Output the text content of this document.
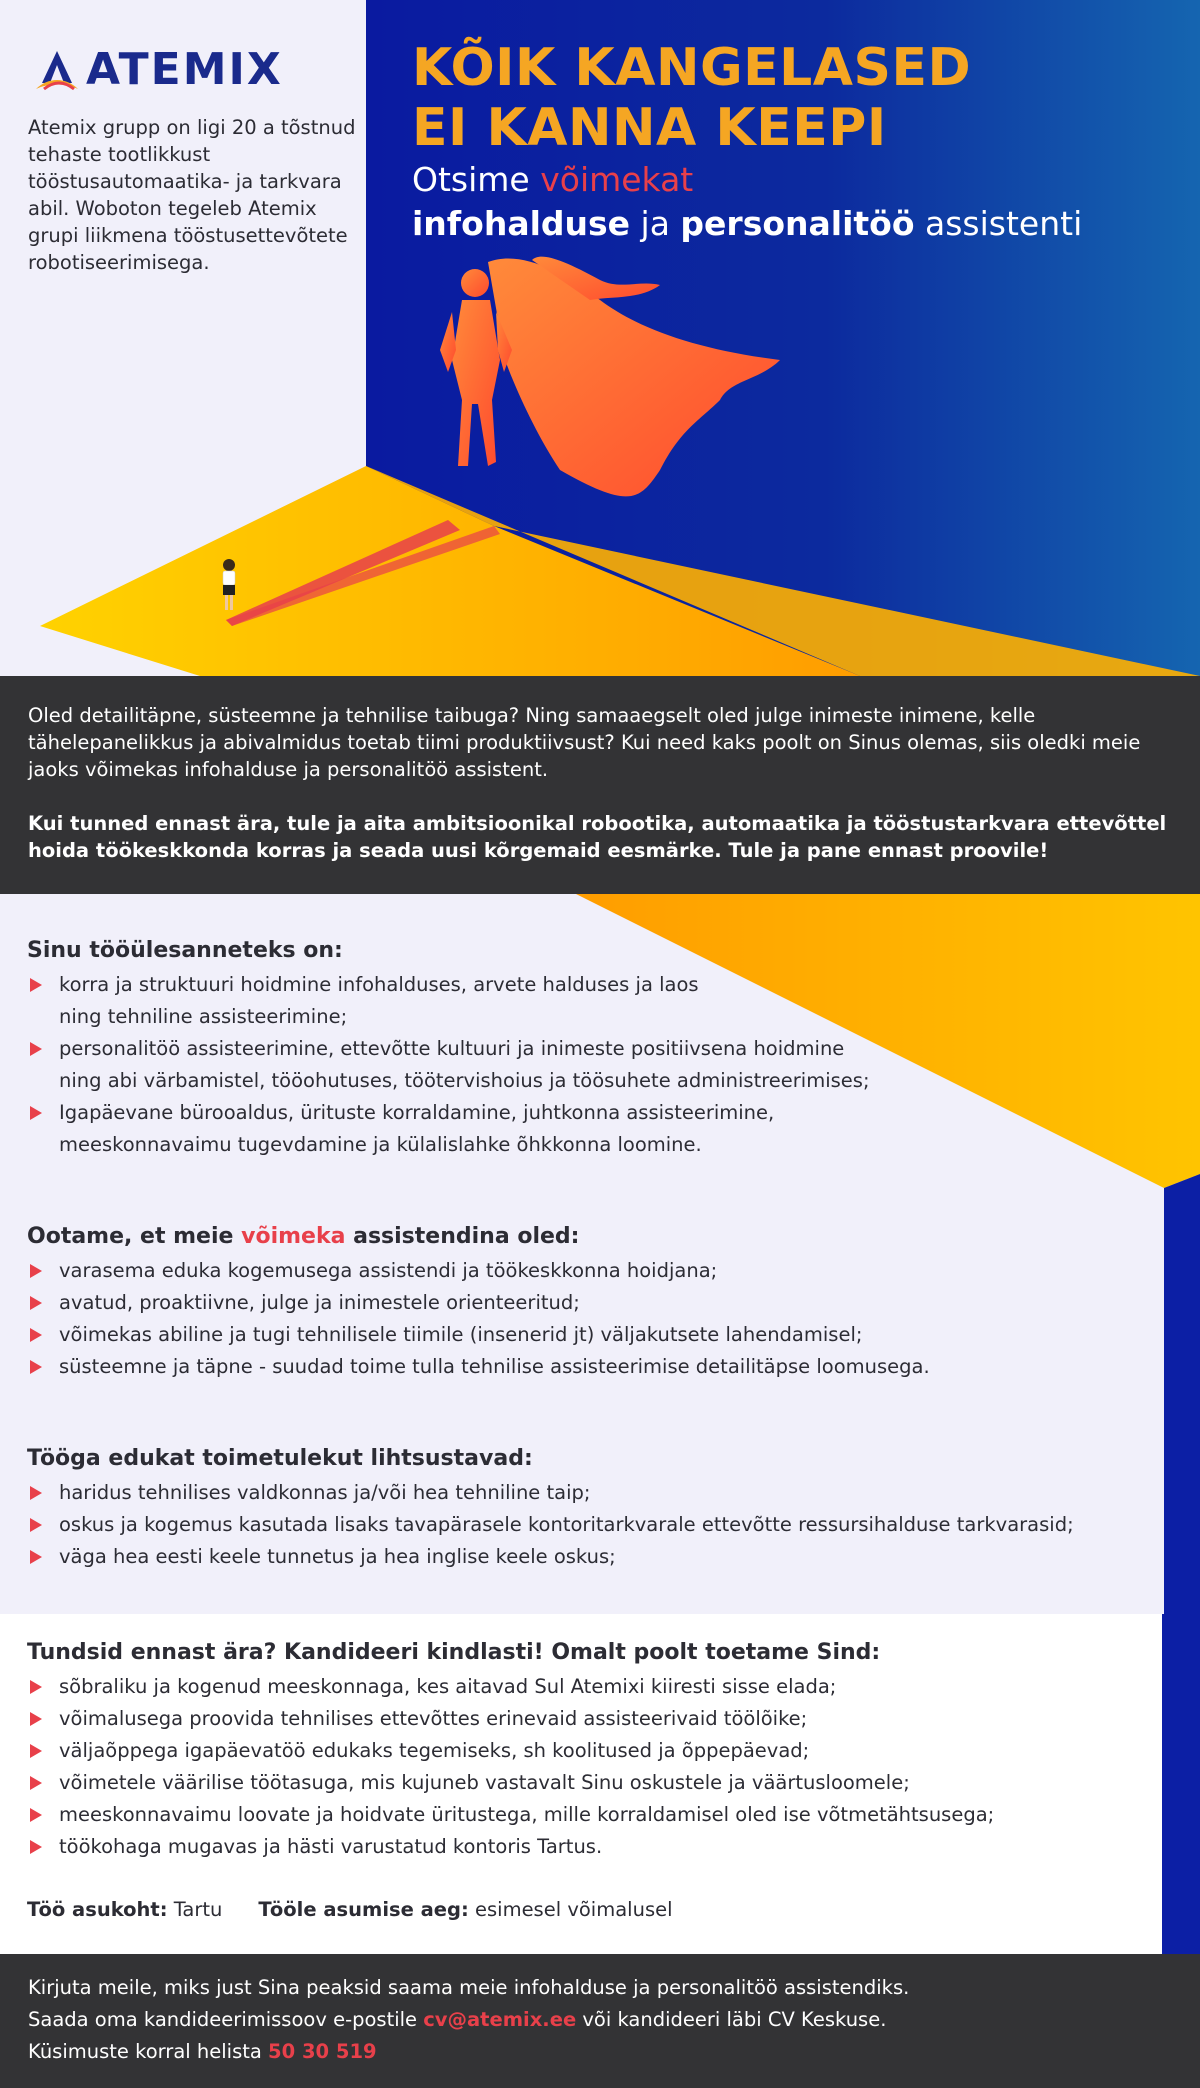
ATEMIX
Atemix grupp on ligi 20 a tõstnud tehaste tootlikkust tööstusautomaatika- ja tarkvara abil. Woboton tegeleb Atemix grupi liikmena tööstusettevõtete robotiseerimisega.
KÕIK KANGELASED
EI KANNA KEEPI
Otsime võimekat
infohalduse ja personalitöö assistenti

Oled detailitäpne, süsteemne ja tehnilise taibuga? Ning samaaegselt oled julge inimeste inimene, kelle tähelepanelikkus ja abivalmidus toetab tiimi produktiivsust? Kui need kaks poolt on Sinus olemas, siis oledki meie jaoks võimekas infohalduse ja personalitöö assistent.

Kui tunned ennast ära, tule ja aita ambitsioonikal robootika, automaatika ja tööstustarkvara ettevõttel hoida töökeskkonda korras ja seada uusi kõrgemaid eesmärke. Tule ja pane ennast proovile!

Sinu tööülesanneteks on:
korra ja struktuuri hoidmine infohalduses, arvete halduses ja laos
ning tehniline assisteerimine;
personalitöö assisteerimine, ettevõtte kultuuri ja inimeste positiivsena hoidmine
ning abi värbamistel, tööohutuses, töötervishoius ja töösuhete administreerimises;
Igapäevane bürooaldus, ürituste korraldamine, juhtkonna assisteerimine,
meeskonnavaimu tugevdamine ja külalislahke õhkkonna loomine.
Ootame, et meie võimeka assistendina oled:
varasema eduka kogemusega assistendi ja töökeskkonna hoidjana;
avatud, proaktiivne, julge ja inimestele orienteeritud;
võimekas abiline ja tugi tehnilisele tiimile (insenerid jt) väljakutsete lahendamisel;
süsteemne ja täpne - suudad toime tulla tehnilise assisteerimise detailitäpse loomusega.
Tööga edukat toimetulekut lihtsustavad:
haridus tehnilises valdkonnas ja/või hea tehniline taip;
oskus ja kogemus kasutada lisaks tavapärasele kontoritarkvarale ettevõtte ressursihalduse tarkvarasid;
väga hea eesti keele tunnetus ja hea inglise keele oskus;
Tundsid ennast ära? Kandideeri kindlasti! Omalt poolt toetame Sind:
sõbraliku ja kogenud meeskonnaga, kes aitavad Sul Atemixi kiiresti sisse elada;
võimalusega proovida tehnilises ettevõttes erinevaid assisteerivaid töölõike;
väljaõppega igapäevatöö edukaks tegemiseks, sh koolitused ja õppepäevad;
võimetele väärilise töötasuga, mis kujuneb vastavalt Sinu oskustele ja väärtusloomele;
meeskonnavaimu loovate ja hoidvate üritustega, mille korraldamisel oled ise võtmetähtsusega;
töökohaga mugavas ja hästi varustatud kontoris Tartus.
Töö asukoht: Tartu Tööle asumise aeg: esimesel võimalusel

Kirjuta meile, miks just Sina peaksid saama meie infohalduse ja personalitöö assistendiks.

Saada oma kandideerimissoov e-postile cv@atemix.ee või kandideeri läbi CV Keskuse.

Küsimuste korral helista 50 30 519
